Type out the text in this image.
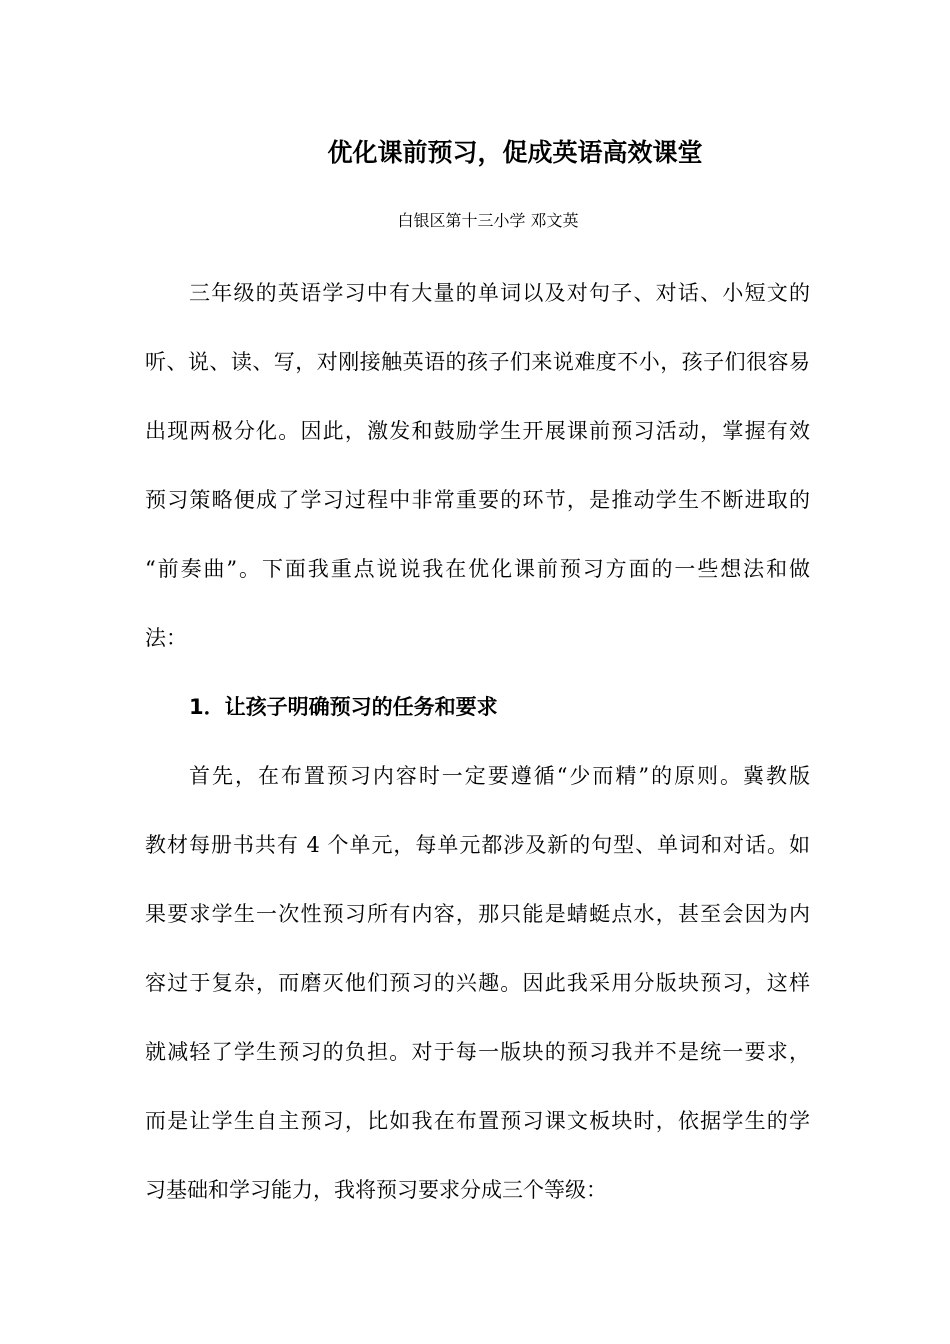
优化课前预习，促成英语高效课堂
白银区第十三小学 邓文英
三年级的英语学习中有大量的单词以及对句子、对话、小短文的
听、说、读、写，对刚接触英语的孩子们来说难度不小，孩子们很容易
出现两极分化。因此，激发和鼓励学生开展课前预习活动，掌握有效
预习策略便成了学习过程中非常重要的环节，是推动学生不断进取的
“前奏曲”。下面我重点说说我在优化课前预习方面的一些想法和做
法：
1．让孩子明确预习的任务和要求
首先，在布置预习内容时一定要遵循“少而精”的原则。冀教版
教材每册书共有 4 个单元，每单元都涉及新的句型、单词和对话。如
果要求学生一次性预习所有内容，那只能是蜻蜓点水，甚至会因为内
容过于复杂，而磨灭他们预习的兴趣。因此我采用分版块预习，这样
就减轻了学生预习的负担。对于每一版块的预习我并不是统一要求，
而是让学生自主预习，比如我在布置预习课文板块时，依据学生的学
习基础和学习能力，我将预习要求分成三个等级：
